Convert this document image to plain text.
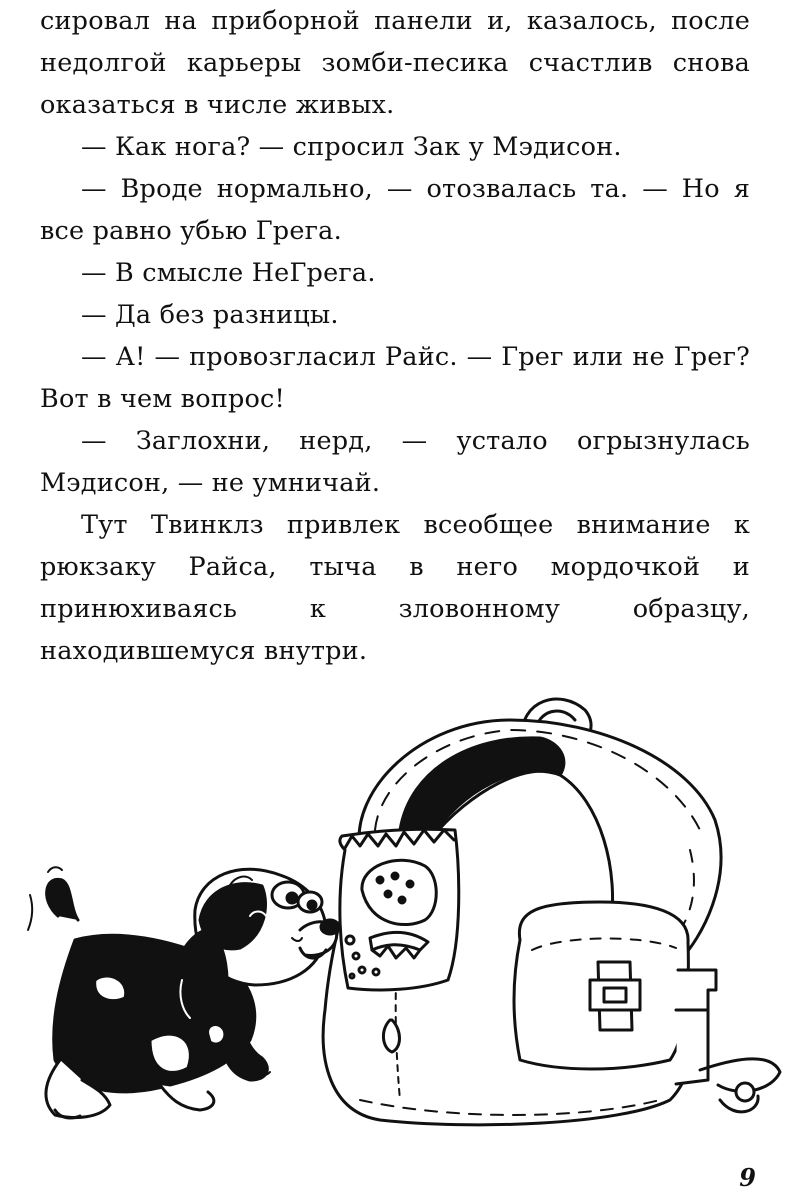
сировал на приборной панели и, казалось, после недолгой карьеры зомби-песика счастлив снова оказаться в числе живых.

— Как нога? — спросил Зак у Мэдисон.

— Вроде нормально, — отозвалась та. — Но я все равно убью Грега.

— В смысле НеГрега.

— Да без разницы.

— А! — провозгласил Райс. — Грег или не Грег? Вот в чем вопрос!

— Заглохни, нерд, — устало огрызнулась Мэдисон, — не умничай.

Тут Твинклз привлек всеобщее внимание к рюкзаку Райса, тыча в него мордочкой и принюхиваясь к зловонному образцу, находившемуся внутри.

9
